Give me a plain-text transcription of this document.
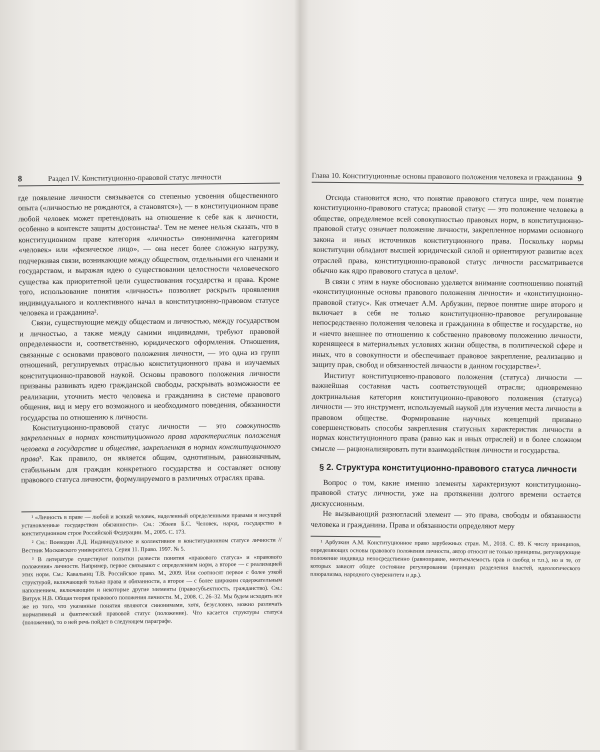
8	Раздел IV. Конституционно-правовой статус личности

где появление личности связывается со степенью усвоения общественного опыта («личностью не рождаются, а становятся»), — в конституционном праве любой человек может претендовать на отношение к себе как к личности, особенно в контексте защиты достоинства¹. Тем не менее нельзя сказать, что в конституционном праве категория «личность» синонимична категориям «человек» или «физическое лицо», — она несет более сложную нагрузку, подчеркивая связи, возникающие между обществом, отдельными его членами и государством, и выражая идею о существовании целостности человеческого существа как приоритетной цели существования государства и права. Кроме того, использование понятия «личность» позволяет раскрыть проявления индивидуального и коллективного начал в конституционно-правовом статусе человека и гражданина².

Связи, существующие между обществом и личностью, между государством и личностью, а также между самими индивидами, требуют правовой определенности и, соответственно, юридического оформления. Отношения, связанные с основами правового положения личности, — это одна из групп отношений, регулируемых отраслью конституционного права и изучаемых конституционно-правовой наукой. Основы правового положения личности призваны развивать идею гражданской свободы, раскрывать возможности ее реализации, уточнить место человека и гражданина в системе правового общения, вид и меру его возможного и необходимого поведения, обязанности государства по отношению к личности.

Конституционно-правовой статус личности — это совокупность закрепленных в нормах конституционного права характеристик положения человека в государстве и обществе, закрепленная в нормах конституционного права³. Как правило, он является общим, однотипным, равнозначным, стабильным для граждан конкретного государства и составляет основу правового статуса личности, формулируемого в различных отраслях права.

¹ «Личность в праве — любой и всякий человек, наделенный определенными правами и несущий установленные государством обязанности». См.: Эбзеев Б.С. Человек, народ, государство в конституционном строе Российской Федерации. М., 2005. С. 173.

² См.: Воеводин Л.Д. Индивидуальное и коллективное в конституционном статусе личности // Вестник Московского университета. Серия 11. Право. 1997. № 5.

³ В литературе существуют попытки развести понятия «правового статуса» и «правового положения» личности. Например, первое связывают с определением норм, а второе — с реализацией этих норм. См.: Кавальянц Т.В. Российское право. М., 2009. Или соотносят первое с более узкой структурой, включающей только права и обязанности, а второе — с более широким содержательным наполнением, включающим и некоторые другие элементы (правосубъектность, гражданство). См.: Витрук Н.В. Общая теория правового положения личности. М., 2008. С. 26–32. Мы будем исходить все же из того, что указанные понятия являются синонимами, хотя, безусловно, можно различать нормативный и фактический правовой статус (положение). Что касается структуры статуса (положения), то о ней речь пойдет в следующем параграфе.

Глава 10. Конституционные основы правового положения человека и гражданина 9

Отсюда становится ясно, что понятие правового статуса шире, чем понятие конституционно-правового статуса; правовой статус — это положение человека в обществе, определяемое всей совокупностью правовых норм, в конституционно-правовой статус означает положение личности, закрепленное нормами основного закона и иных источников конституционного права. Поскольку нормы конституции обладают высшей юридической силой и ориентируют развитие всех отраслей права, конституционно-правовой статус личности рассматривается обычно как ядро правового статуса в целом¹.

В связи с этим в науке обосновано уделяется внимание соотношению понятий «конституционные основы правового положения личности» и «конституционно-правовой статус». Как отмечает А.М. Арбузкин, первое понятие шире второго и включает в себя не только конституционно-правовое регулирование непосредственно положения человека и гражданина в обществе и государстве, но и «нечто внешнее по отношению к собственно правовому положению личности, коренящееся в материальных условиях жизни общества, в политической сфере и иных, что в совокупности и обеспечивает правовое закрепление, реализацию и защиту прав, свобод и обязанностей личности в данном государстве»².

Институт конституционно-правового положения (статуса) личности — важнейшая составная часть соответствующей отрасли; одновременно доктринальная категория конституционно-правового положения (статуса) личности — это инструмент, используемый наукой для изучения места личности в правовом обществе. Формирование научных концепций призвано совершенствовать способы закрепления статусных характеристик личности в нормах конституционного права (равно как и иных отраслей) и в более сложном смысле — рационализировать пути взаимодействия личности и государства.

§ 2. Структура конституционно-правового статуса личности

Вопрос о том, какие именно элементы характеризуют конституционно-правовой статус личности, уже на протяжении долгого времени остается дискуссионным.

Не вызывающий разногласий элемент — это права, свободы и обязанности человека и гражданина. Права и обязанности определяют меру

¹ Арбузкин А.М. Конституционное право зарубежных стран. М., 2018. С. 89. К числу принципов, определяющих основы правового положения личности, автор относит не только принципы, регулирующие положение индивида непосредственно (равноправие, неотъемлемость прав и свобод и т.п.), но и те, от которых зависят общее состояние регулирования (принцип разделения властей, идеологического плюрализма, народного суверенитета и др.).
